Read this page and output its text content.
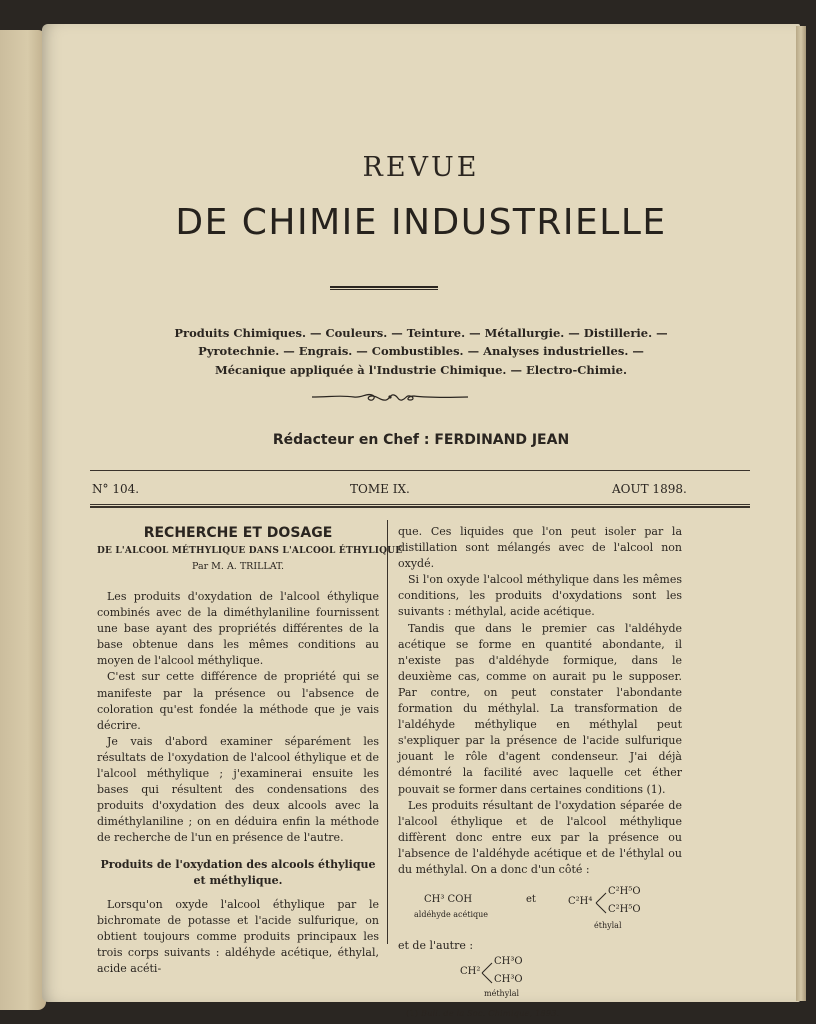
REVUE
DE CHIMIE INDUSTRIELLE
Produits Chimiques. — Couleurs. — Teinture. — Métallurgie. — Distillerie. —
Pyrotechnie. — Engrais. — Combustibles. — Analyses industrielles. —
Mécanique appliquée à l'Industrie Chimique. — Electro-Chimie.
Rédacteur en Chef : FERDINAND JEAN
N° 104.	TOME IX.	AOUT 1898.
RECHERCHE ET DOSAGE
DE L'ALCOOL MÉTHYLIQUE DANS L'ALCOOL ÉTHYLIQUE
Par M. A. TRILLAT.

Les produits d'oxydation de l'alcool éthylique combinés avec de la diméthylaniline fournissent une base ayant des propriétés différentes de la base obtenue dans les mêmes conditions au moyen de l'alcool méthylique.

C'est sur cette différence de propriété qui se manifeste par la présence ou l'absence de coloration qu'est fondée la méthode que je vais décrire.

Je vais d'abord examiner séparément les résultats de l'oxydation de l'alcool éthylique et de l'alcool méthylique ; j'examinerai ensuite les bases qui résultent des condensations des produits d'oxydation des deux alcools avec la diméthylaniline ; on en déduira enfin la méthode de recherche de l'un en présence de l'autre.

Produits de l'oxydation des alcools éthylique et méthylique.

Lorsqu'on oxyde l'alcool éthylique par le bichromate de potasse et l'acide sulfurique, on obtient toujours comme produits principaux les trois corps suivants : aldéhyde acétique, éthylal, acide acéti-

que. Ces liquides que l'on peut isoler par la distillation sont mélangés avec de l'alcool non oxydé.

Si l'on oxyde l'alcool méthylique dans les mêmes conditions, les produits d'oxydations sont les suivants : méthylal, acide acétique.

Tandis que dans le premier cas l'aldéhyde acétique se forme en quantité abondante, il n'existe pas d'aldéhyde formique, dans le deuxième cas, comme on aurait pu le supposer. Par contre, on peut constater l'abondante formation du méthylal. La transformation de l'aldéhyde méthylique en méthylal peut s'expliquer par la présence de l'acide sulfurique jouant le rôle d'agent condenseur. J'ai déjà démontré la facilité avec laquelle cet éther pouvait se former dans certaines conditions (1).

Les produits résultant de l'oxydation séparée de l'alcool éthylique et de l'alcool méthylique diffèrent donc entre eux par la présence ou l'absence de l'aldéhyde acétique et de l'éthylal ou du méthylal. On a donc d'un côté :

CH³ COH
aldéhyde acétique
et	C²H⁴
C²H⁵O
C²H⁵O
éthylal

et de l'autre :

CH²
CH³O
CH³O
méthylal
(1) Bull. de la Soc. Chimique, 1893.
